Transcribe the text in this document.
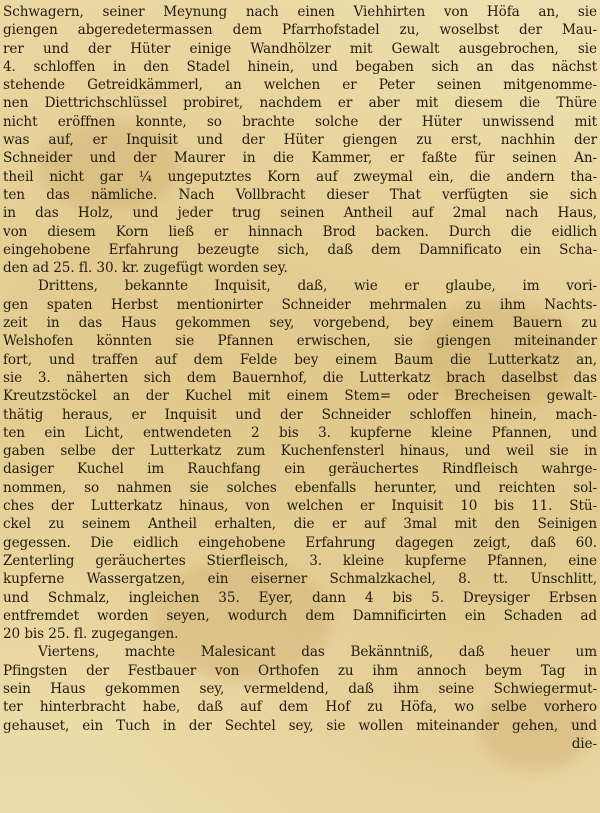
Schwagern, seiner Meynung nach einen Viehhirten von Höfa an, sie
giengen abgeredetermassen dem Pfarrhofstadel zu, woselbst der Mau-
rer und der Hüter einige Wandhölzer mit Gewalt ausgebrochen, sie
4. schloffen in den Stadel hinein, und begaben sich an das nächst
stehende Getreidkämmerl, an welchen er Peter seinen mitgenomme-
nen Diettrichschlüssel probiret, nachdem er aber mit diesem die Thüre
nicht eröffnen konnte, so brachte solche der Hüter unwissend mit
was auf, er Inquisit und der Hüter giengen zu erst, nachhin der
Schneider und der Maurer in die Kammer, er faßte für seinen An-
theil nicht gar ¼ ungeputztes Korn auf zweymal ein, die andern tha-
ten das nämliche. Nach Vollbracht dieser That verfügten sie sich
in das Holz, und jeder trug seinen Antheil auf 2mal nach Haus,
von diesem Korn ließ er hinnach Brod backen. Durch die eidlich
eingehobene Erfahrung bezeugte sich, daß dem Damnificato ein Scha-
den ad 25. fl. 30. kr. zugefügt worden sey.
Drittens, bekannte Inquisit, daß, wie er glaube, im vori-
gen spaten Herbst mentionirter Schneider mehrmalen zu ihm Nachts-
zeit in das Haus gekommen sey, vorgebend, bey einem Bauern zu
Welshofen könnten sie Pfannen erwischen, sie giengen miteinander
fort, und traffen auf dem Felde bey einem Baum die Lutterkatz an,
sie 3. näherten sich dem Bauernhof, die Lutterkatz brach daselbst das
Kreutzstöckel an der Kuchel mit einem Stem= oder Brecheisen gewalt-
thätig heraus, er Inquisit und der Schneider schloffen hinein, mach-
ten ein Licht, entwendeten 2 bis 3. kupferne kleine Pfannen, und
gaben selbe der Lutterkatz zum Kuchenfensterl hinaus, und weil sie in
dasiger Kuchel im Rauchfang ein geräuchertes Rindfleisch wahrge-
nommen, so nahmen sie solches ebenfalls herunter, und reichten sol-
ches der Lutterkatz hinaus, von welchen er Inquisit 10 bis 11. Stü-
ckel zu seinem Antheil erhalten, die er auf 3mal mit den Seinigen
gegessen. Die eidlich eingehobene Erfahrung dagegen zeigt, daß 60.
Zenterling geräuchertes Stierfleisch, 3. kleine kupferne Pfannen, eine
kupferne Wassergatzen, ein eiserner Schmalzkachel, 8. tt. Unschlitt,
und Schmalz, ingleichen 35. Eyer, dann 4 bis 5. Dreysiger Erbsen
entfremdet worden seyen, wodurch dem Damnificirten ein Schaden ad
20 bis 25. fl. zugegangen.
Viertens, machte Malesicant das Bekänntniß, daß heuer um
Pfingsten der Festbauer von Orthofen zu ihm annoch beym Tag in
sein Haus gekommen sey, vermeldend, daß ihm seine Schwiegermut-
ter hinterbracht habe, daß auf dem Hof zu Höfa, wo selbe vorhero
gehauset, ein Tuch in der Sechtel sey, sie wollen miteinander gehen, und
die-
